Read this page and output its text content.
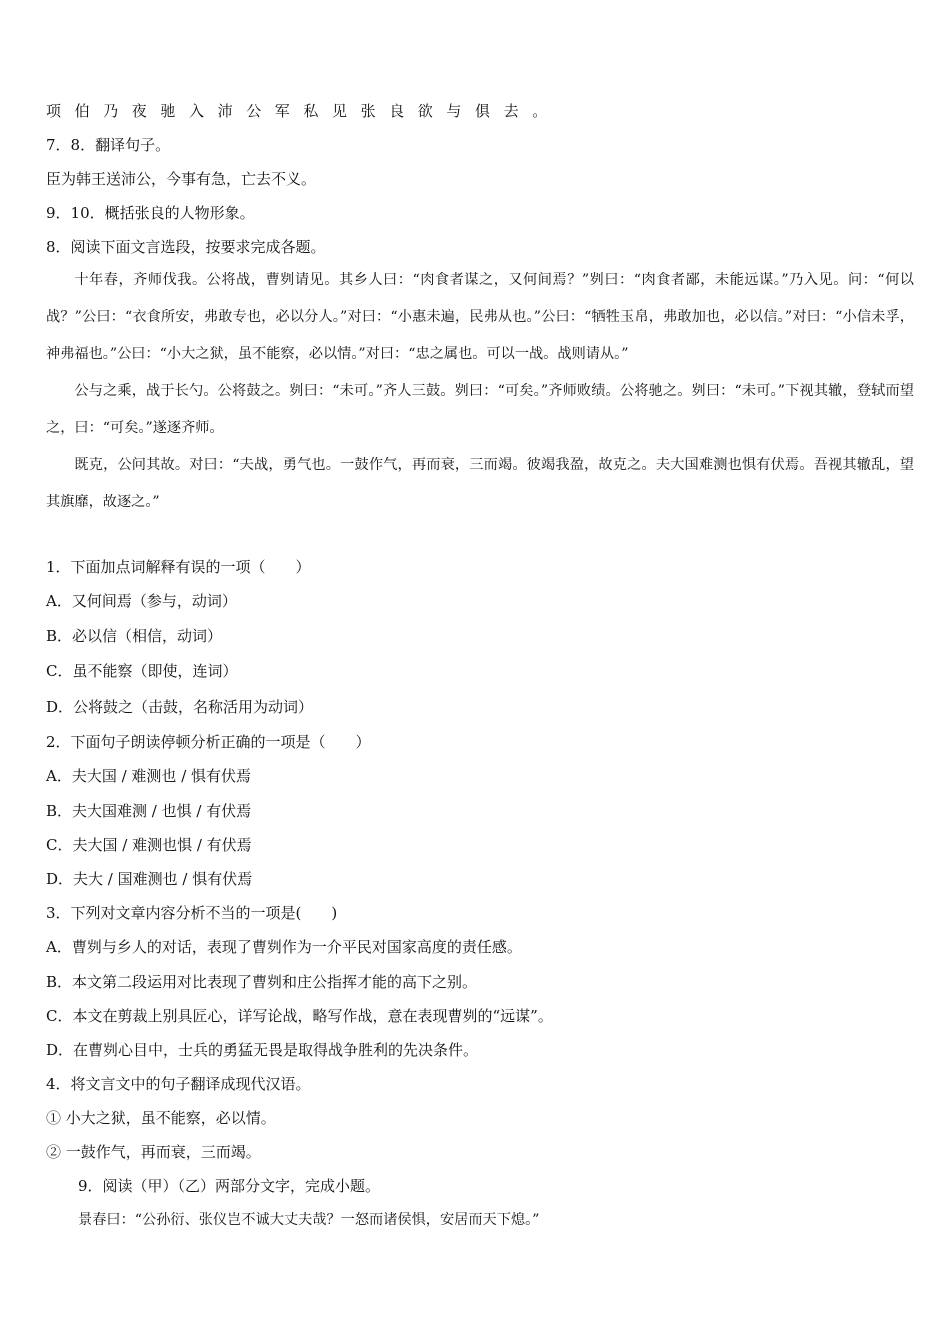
项伯乃夜驰入沛公军私见张良欲与俱去。
7．8．翻译句子。
臣为韩王送沛公，今事有急，亡去不义。
9．10．概括张良的人物形象。
8．阅读下面文言选段，按要求完成各题。

十年春，齐师伐我。公将战，曹刿请见。其乡人曰：“肉食者谋之，又何间焉？”刿曰：“肉食者鄙，未能远谋。”乃入见。问：“何以战？”公曰：“衣食所安，弗敢专也，必以分人。”对曰：“小惠未遍，民弗从也。”公曰：“牺牲玉帛，弗敢加也，必以信。”对曰：“小信未孚，神弗福也。”公曰：“小大之狱，虽不能察，必以情。”对曰：“忠之属也。可以一战。战则请从。”

公与之乘，战于长勺。公将鼓之。刿曰：“未可。”齐人三鼓。刿曰：“可矣。”齐师败绩。公将驰之。刿曰：“未可。”下视其辙，登轼而望之，曰：“可矣。”遂逐齐师。

既克，公问其故。对曰：“夫战，勇气也。一鼓作气，再而衰，三而竭。彼竭我盈，故克之。夫大国难测也惧有伏焉。吾视其辙乱，望其旗靡，故逐之。”

1．下面加点词解释有误的一项（　　）
A．又何间焉（参与，动词）
B．必以信（相信，动词）
C．虽不能察（即使，连词）
D．公将鼓之（击鼓，名称活用为动词）
2．下面句子朗读停顿分析正确的一项是（　　）
A．夫大国 / 难测也 / 惧有伏焉
B．夫大国难测 / 也惧 / 有伏焉
C．夫大国 / 难测也惧 / 有伏焉
D．夫大 / 国难测也 / 惧有伏焉
3．下列对文章内容分析不当的一项是(　　)
A．曹刿与乡人的对话，表现了曹刿作为一介平民对国家高度的责任感。
B．本文第二段运用对比表现了曹刿和庄公指挥才能的高下之别。
C．本文在剪裁上别具匠心，详写论战，略写作战，意在表现曹刿的“远谋”。
D．在曹刿心目中，士兵的勇猛无畏是取得战争胜利的先决条件。
4．将文言文中的句子翻译成现代汉语。
① 小大之狱，虽不能察，必以情。
② 一鼓作气，再而衰，三而竭。
9．阅读（甲）（乙）两部分文字，完成小题。
景春曰：“公孙衍、张仪岂不诚大丈夫哉？一怒而诸侯惧，安居而天下熄。”
